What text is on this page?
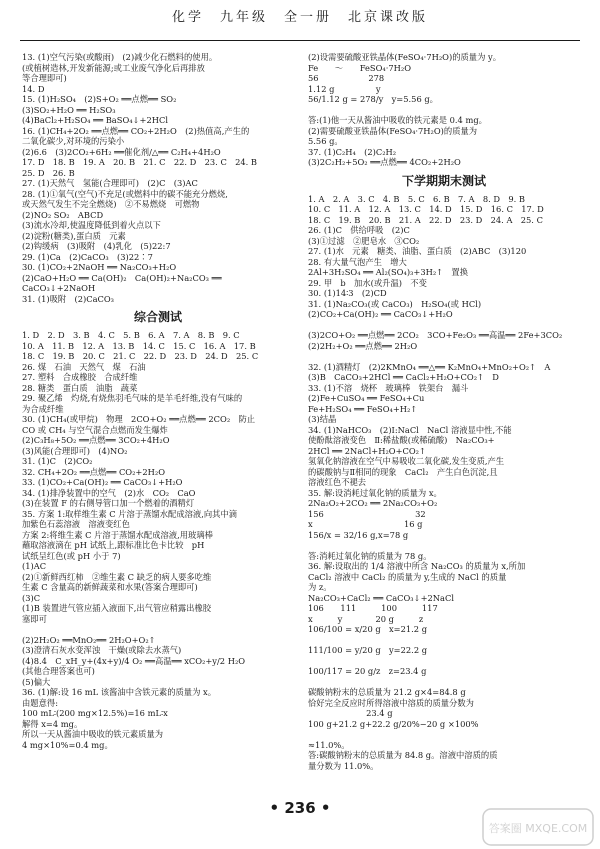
化学　九年级　全一册　北京课改版
13. (1)空气污染(或酸雨)　(2)减少化石燃料的使用。
(或植树造林,开发新能源;或工业废气净化后再排放
等合理即可)
14. D
15. (1)H₂SO₄　(2)S+O₂ ══点燃══ SO₂
(3)SO₂+H₂O ══ H₂SO₃
(4)BaCl₂+H₂SO₄ ══ BaSO₄↓+2HCl
16. (1)CH₄+2O₂ ══点燃══ CO₂+2H₂O　(2)热值高,产生的
二氧化碳少,对环境的污染小
(2)6.6　(3)2CO₂+6H₂ ══催化剂/△══ C₂H₄+4H₂O
17. D　18. B　19. A　20. B　21. C　22. D　23. C　24. B
25. D　26. B
27. (1)天然气　氢能(合理即可)　(2)C　(3)AC
28. (1)①氧气(空气)不充足(或燃料中的碳不能充分燃烧,
或天然气发生不完全燃烧)　②不易燃烧　可燃物
(2)NO₂ SO₂　ABCD
(3)流水冷却,使温度降低到着火点以下
(2)淀粉(糖类),蛋白质　元素
(2)钩缓病　(3)吸附　(4)乳化　(5)22:7
29. (1)Ca　(2)CaCO₃　(3)22∶7
30. (1)CO₂+2NaOH ══ Na₂CO₃+H₂O
(2)CaO+H₂O ══ Ca(OH)₂　Ca(OH)₂+Na₂CO₃ ══
CaCO₃↓+2NaOH
31. (1)吸附　(2)CaCO₃
综合测试
1. D　2. D　3. B　4. C　5. B　6. A　7. A　8. B　9. C
10. A　11. B　12. A　13. B　14. C　15. C　16. A　17. B
18. C　19. B　20. C　21. C　22. D　23. D　24. D　25. C
26. 煤　石油　天然气　煤　石油
27. 塑料　合成橡胶　合成纤维
28. 糖类　蛋白质　油脂　蔬菜
29. 聚乙烯　灼烧,有烧焦羽毛气味的是羊毛纤维,没有气味的
为合成纤维
30. (1)CH₄(或甲烷)　物理　2CO+O₂ ══点燃══ 2CO₂　防止
CO 或 CH₄ 与空气混合点燃而发生爆炸
(2)C₃H₈+5O₂ ══点燃══ 3CO₂+4H₂O
(3)风能(合理即可)　(4)NO₂
31. (1)C　(2)CO₂
32. CH₄+2O₂ ══点燃══ CO₂+2H₂O
33. (1)CO₂+Ca(OH)₂ ══ CaCO₃↓+H₂O
34. (1)排净装置中的空气　(2)水　CO₂　CaO
(3)在装置 F 的右侧导管口加一个燃着的酒精灯
35. 方案 1:取样维生素 C 片溶于蒸馏水配成溶液,向其中滴
加紫色石蕊溶液　溶液变红色
方案 2:将维生素 C 片溶于蒸馏水配成溶液,用玻璃棒
蘸取溶液滴在 pH 试纸上,跟标准比色卡比较　pH
试纸呈红色(或 pH 小于 7)
(1)AC
(2)①新鲜西红柿　②维生素 C 缺乏的病人要多吃维
生素 C 含量高的新鲜蔬菜和水果(答案合理即可)
(3)C
(1)B 装置进气管应插入液面下,出气管应稍露出橡胶
塞即可
(2)2H₂O₂ ══MnO₂══ 2H₂O+O₂↑
(3)澄清石灰水变浑浊　干燥(或除去水蒸气)
(4)8.4　C_xH_y+(4x+y)/4 O₂ ══高温══ xCO₂+y/2 H₂O
(其他合理答案也可)
(5)偏大
36. (1)解:设 16 mL 该酱油中含铁元素的质量为 x。
由题意得:
100 mL∶(200 mg×12.5%)=16 mL∶x
解得 x=4 mg。
所以一天从酱油中吸收的铁元素质量为
4 mg×10%=0.4 mg。
(2)设需要硫酸亚铁晶体(FeSO₄·7H₂O)的质量为 y。
Fe　　～　　FeSO₄·7H₂O
56　　　　　　278
1.12 g　　　　　y
56/1.12 g = 278/y　y=5.56 g。
答:(1)他一天从酱油中吸收的铁元素是 0.4 mg。
(2)需要硫酸亚铁晶体(FeSO₄·7H₂O)的质量为
5.56 g。
37. (1)C₂H₄　(2)C₂H₂
(3)2C₂H₂+5O₂ ══点燃══ 4CO₂+2H₂O
下学期期末测试
1. A　2. A　3. C　4. B　5. C　6. B　7. A　8. D　9. B
10. C　11. A　12. A　13. C　14. D　15. D　16. C　17. D
18. C　19. B　20. B　21. A　22. D　23. D　24. A　25. C
26. (1)C　供给呼吸　(2)C
(3)①过滤　②肥皂水　③CO₂
27. (1)水　元素　糖类、油脂、蛋白质　(2)ABC　(3)120
28. 有大量气泡产生　增大
2Al+3H₂SO₄ ══ Al₂(SO₄)₃+3H₂↑　置换
29. 甲　b　加水(或升温)　不变
30. (1)14∶3　(2)CD
31. (1)Na₂CO₃(或 CaCO₃)　H₂SO₄(或 HCl)
(2)CO₂+Ca(OH)₂ ══ CaCO₃↓+H₂O
(3)2CO+O₂ ══点燃══ 2CO₂　3CO+Fe₂O₃ ══高温══ 2Fe+3CO₂
(2)2H₂+O₂ ══点燃══ 2H₂O
32. (1)酒精灯　(2)2KMnO₄ ══△══ K₂MnO₄+MnO₂+O₂↑　A
(3)B　CaCO₃+2HCl ══ CaCl₂+H₂O+CO₂↑　D
33. (1)不溶　烧杯　玻璃棒　铁架台　漏斗
(2)Fe+CuSO₄ ══ FeSO₄+Cu
Fe+H₂SO₄ ══ FeSO₄+H₂↑
(3)结晶
34. (1)NaHCO₃　(2)Ⅰ:NaCl　NaCl 溶液显中性,不能
使酚酞溶液变色　Ⅱ:稀盐酸(或稀硫酸)　Na₂CO₃+
2HCl ══ 2NaCl+H₂O+CO₂↑
氢氧化钠溶液在空气中易吸收二氧化碳,发生变质,产生
的碳酸钠与Ⅱ相同的现象　CaCl₂　产生白色沉淀,且
溶液红色不褪去
35. 解:设消耗过氧化钠的质量为 x。
2Na₂O₂+2CO₂ ══ 2Na₂CO₃+O₂
156　　　　　　　　　　　32
x　　　　　　　　　　　16 g
156/x = 32/16 g,x=78 g
答:消耗过氧化钠的质量为 78 g。
36. 解:设取出的 1/4 溶液中所含 Na₂CO₃ 的质量为 x,所加
CaCl₂ 溶液中 CaCl₂ 的质量为 y,生成的 NaCl 的质量
为 z。
Na₂CO₃+CaCl₂ ══ CaCO₃↓+2NaCl
106　　111　　　100　　　117
x　　　y　　　　20 g　　　z
106/100 = x/20 g　x=21.2 g
111/100 = y/20 g　y=22.2 g
100/117 = 20 g/z　z=23.4 g
碳酸钠粉末的总质量为 21.2 g×4=84.8 g
恰好完全反应时所得溶液中溶质的质量分数为
　　　　　　　23.4 g
100 g+21.2 g+22.2 g/20%−20 g ×100%
≈11.0%。
答:碳酸钠粉末的总质量为 84.8 g。溶液中溶质的质
量分数为 11.0%。
• 236 •
答案圈 MXQE.COM
